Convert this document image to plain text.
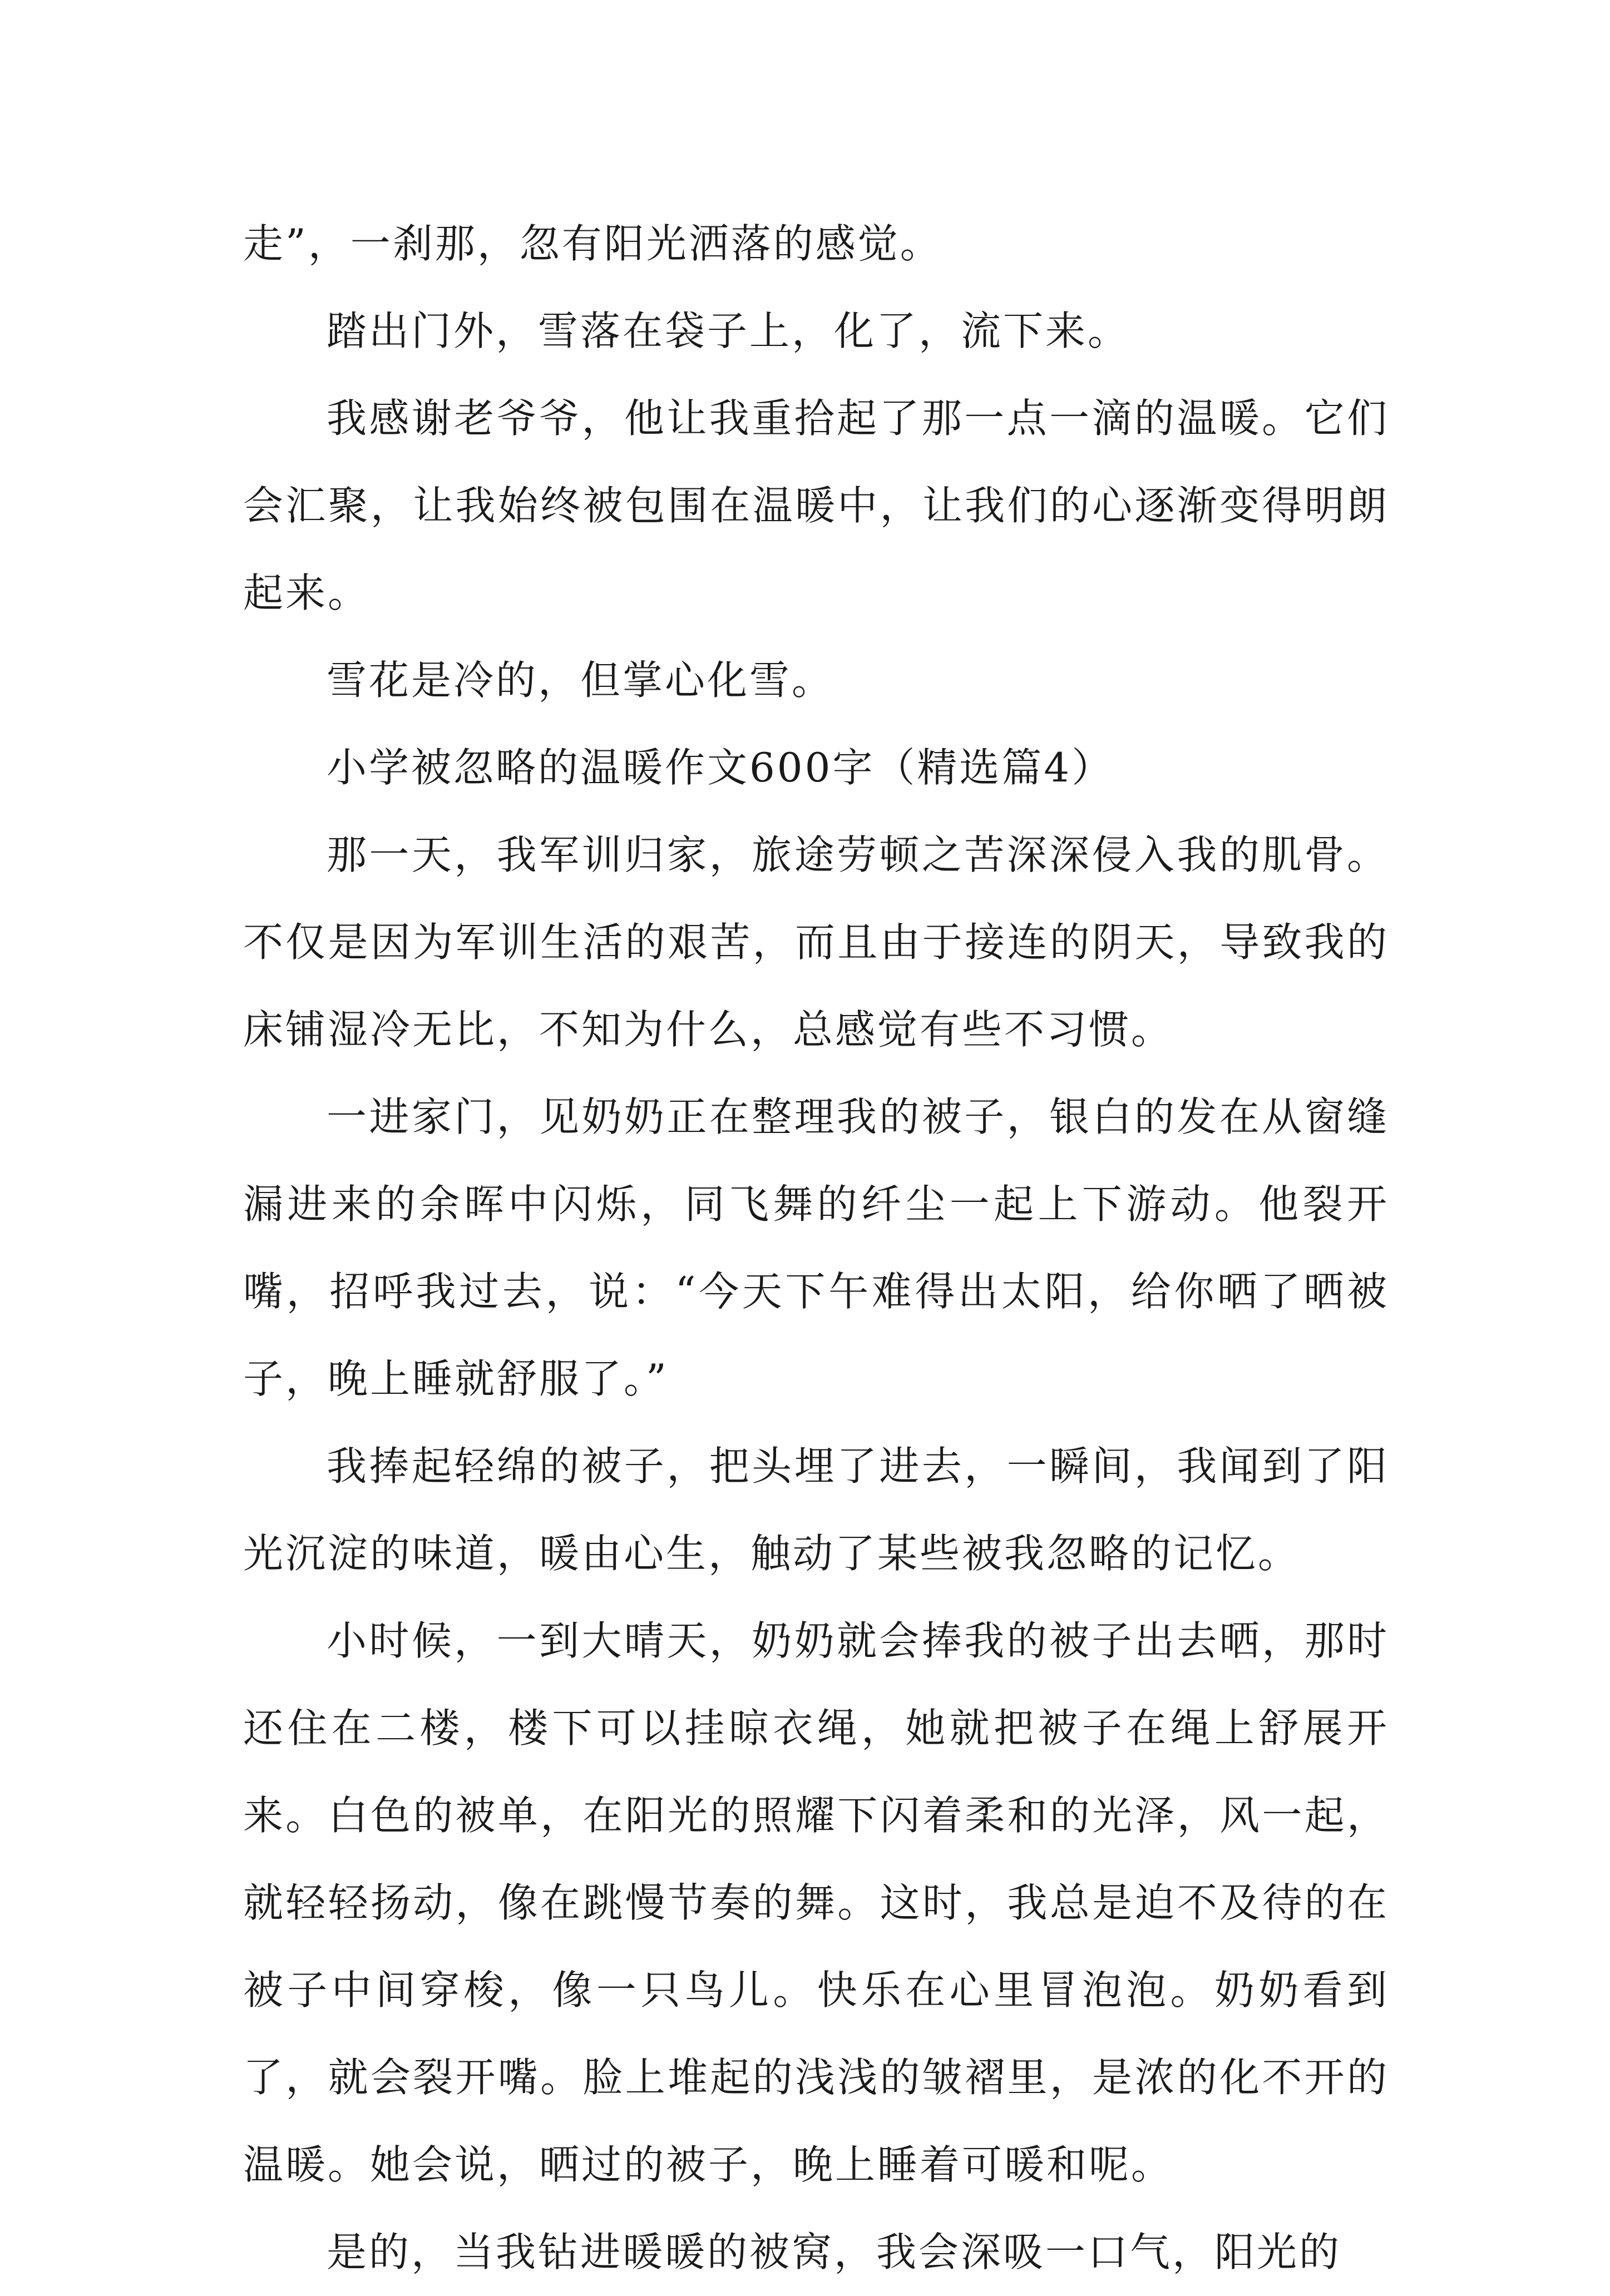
走”，一刹那，忽有阳光洒落的感觉。

踏出门外，雪落在袋子上，化了，流下来。

我感谢老爷爷，他让我重拾起了那一点一滴的温暖。它们会汇聚，让我始终被包围在温暖中，让我们的心逐渐变得明朗起来。

雪花是冷的，但掌心化雪。

小学被忽略的温暖作文600字（精选篇4）

那一天，我军训归家，旅途劳顿之苦深深侵入我的肌骨。不仅是因为军训生活的艰苦，而且由于接连的阴天，导致我的床铺湿冷无比，不知为什么，总感觉有些不习惯。

一进家门，见奶奶正在整理我的被子，银白的发在从窗缝漏进来的余晖中闪烁，同飞舞的纤尘一起上下游动。他裂开嘴，招呼我过去，说：“今天下午难得出太阳，给你晒了晒被子，晚上睡就舒服了。”

我捧起轻绵的被子，把头埋了进去，一瞬间，我闻到了阳光沉淀的味道，暖由心生，触动了某些被我忽略的记忆。

小时候，一到大晴天，奶奶就会捧我的被子出去晒，那时还住在二楼，楼下可以挂晾衣绳，她就把被子在绳上舒展开来。白色的被单，在阳光的照耀下闪着柔和的光泽，风一起，就轻轻扬动，像在跳慢节奏的舞。这时，我总是迫不及待的在被子中间穿梭，像一只鸟儿。快乐在心里冒泡泡。奶奶看到了，就会裂开嘴。脸上堆起的浅浅的皱褶里，是浓的化不开的温暖。她会说，晒过的被子，晚上睡着可暖和呢。

是的，当我钻进暖暖的被窝，我会深吸一口气，阳光的
